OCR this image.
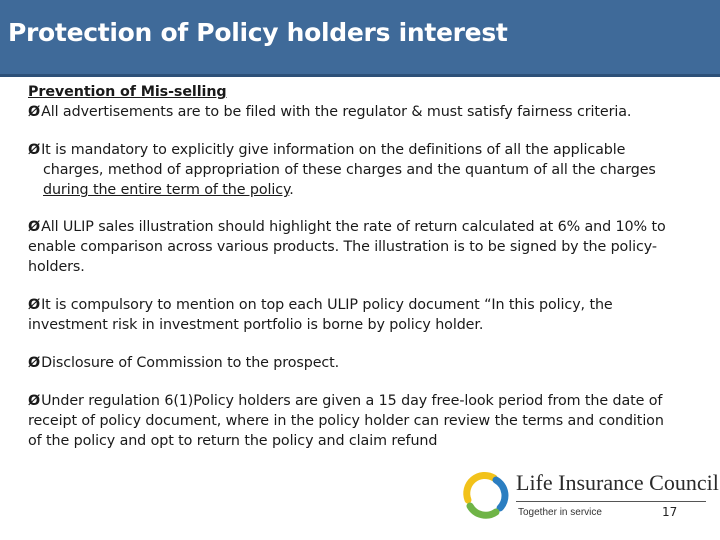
Protection of Policy holders interest

Prevention of Mis-selling

ØAll advertisements are to be filed with the regulator & must satisfy fairness criteria.

ØIt is mandatory to explicitly give information on the definitions of all the applicable

charges, method of appropriation of these charges and the quantum of all the charges

during the entire term of the policy.

ØAll ULIP sales illustration should highlight the rate of return calculated at 6% and 10% to

enable comparison across various products. The illustration is to be signed by the policy-

holders.

ØIt is compulsory to mention on top each ULIP policy document “In this policy, the

investment risk in investment portfolio is borne by policy holder.

ØDisclosure of Commission to the prospect.

ØUnder regulation 6(1)Policy holders are given a 15 day free-look period from the date of

receipt of policy document, where in the policy holder can review the terms and condition

of the policy and opt to return the policy and claim refund

Life Insurance Council
Together in service	17
